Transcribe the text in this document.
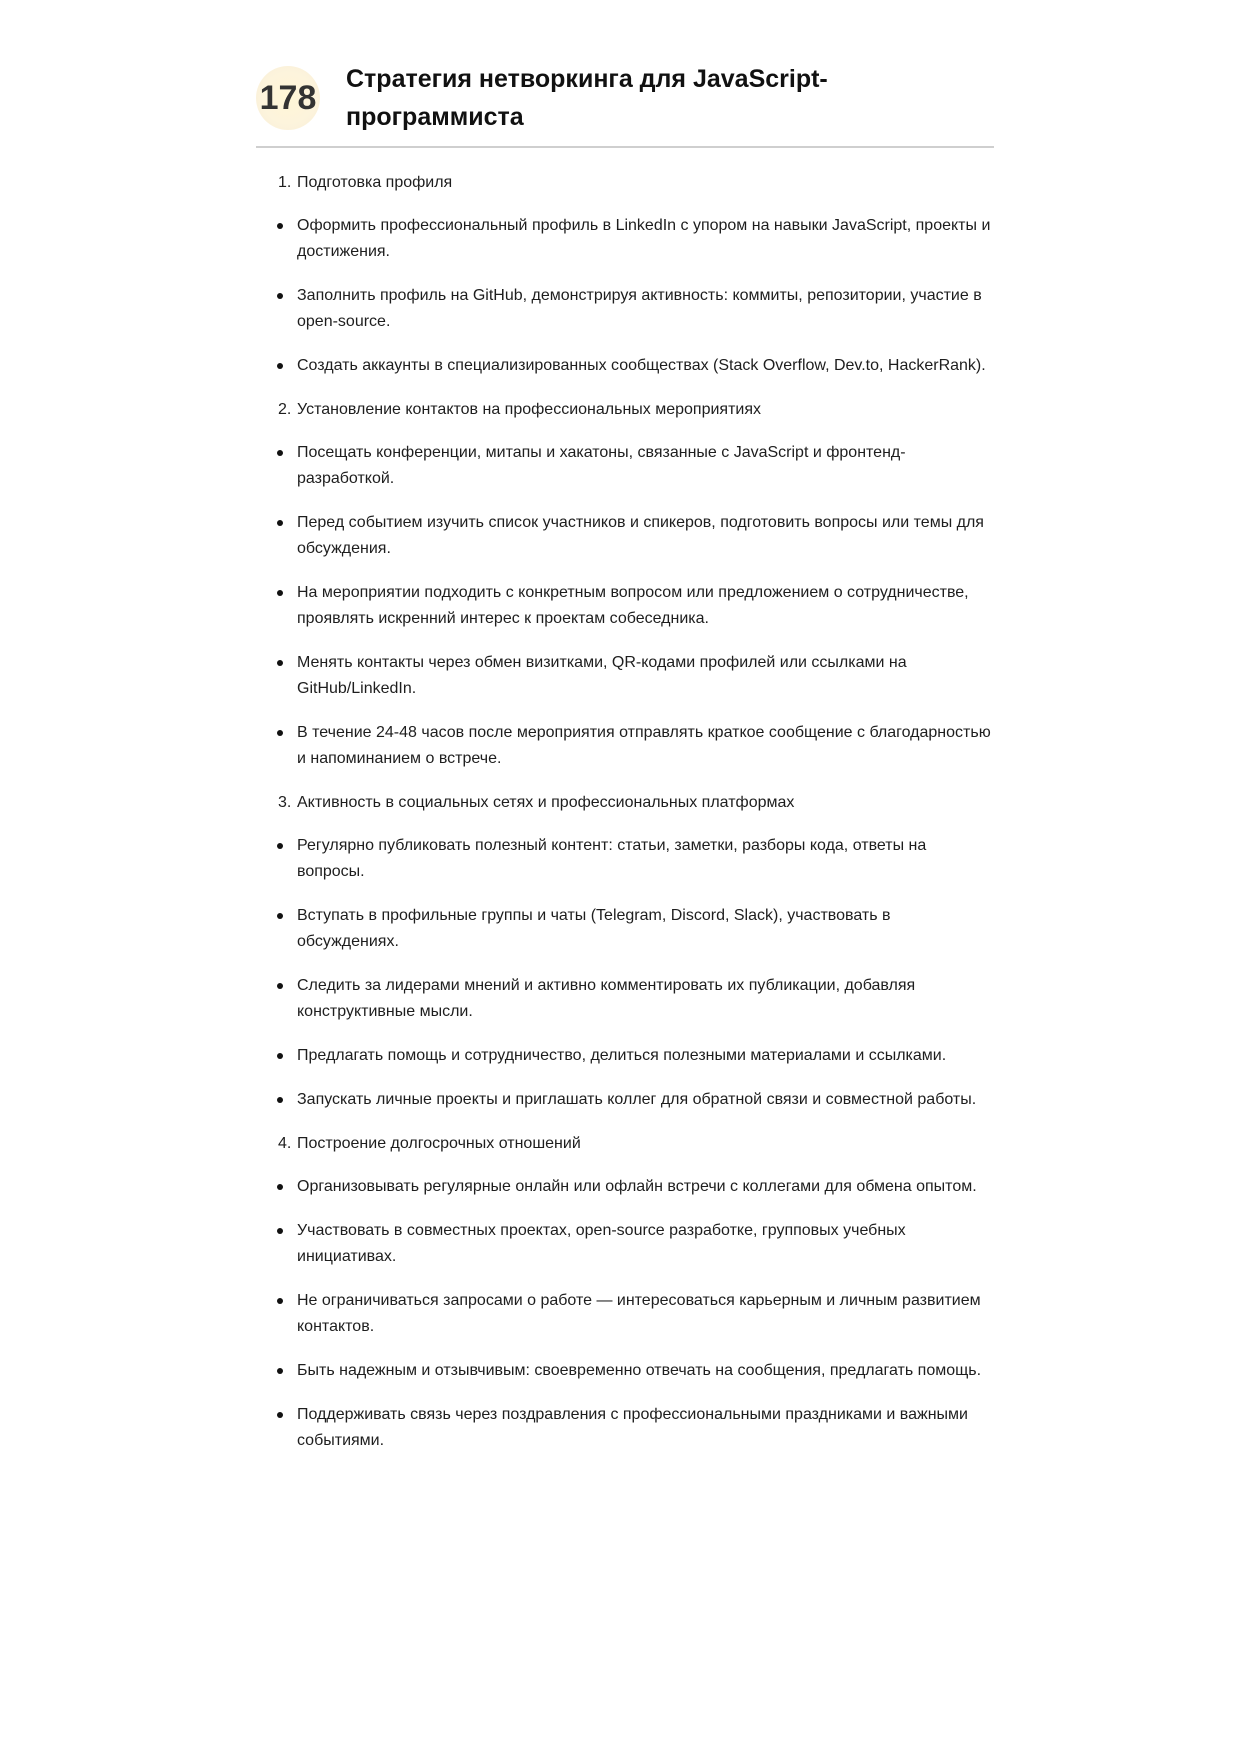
178 Стратегия нетворкинга для JavaScript-программиста
1. Подготовка профиля
Оформить профессиональный профиль в LinkedIn с упором на навыки JavaScript, проекты и достижения.
Заполнить профиль на GitHub, демонстрируя активность: коммиты, репозитории, участие в open-source.
Создать аккаунты в специализированных сообществах (Stack Overflow, Dev.to, HackerRank).
2. Установление контактов на профессиональных мероприятиях
Посещать конференции, митапы и хакатоны, связанные с JavaScript и фронтенд-разработкой.
Перед событием изучить список участников и спикеров, подготовить вопросы или темы для обсуждения.
На мероприятии подходить с конкретным вопросом или предложением о сотрудничестве, проявлять искренний интерес к проектам собеседника.
Менять контакты через обмен визитками, QR-кодами профилей или ссылками на GitHub/LinkedIn.
В течение 24-48 часов после мероприятия отправлять краткое сообщение с благодарностью и напоминанием о встрече.
3. Активность в социальных сетях и профессиональных платформах
Регулярно публиковать полезный контент: статьи, заметки, разборы кода, ответы на вопросы.
Вступать в профильные группы и чаты (Telegram, Discord, Slack), участвовать в обсуждениях.
Следить за лидерами мнений и активно комментировать их публикации, добавляя конструктивные мысли.
Предлагать помощь и сотрудничество, делиться полезными материалами и ссылками.
Запускать личные проекты и приглашать коллег для обратной связи и совместной работы.
4. Построение долгосрочных отношений
Организовывать регулярные онлайн или офлайн встречи с коллегами для обмена опытом.
Участвовать в совместных проектах, open-source разработке, групповых учебных инициативах.
Не ограничиваться запросами о работе — интересоваться карьерным и личным развитием контактов.
Быть надежным и отзывчивым: своевременно отвечать на сообщения, предлагать помощь.
Поддерживать связь через поздравления с профессиональными праздниками и важными событиями.
